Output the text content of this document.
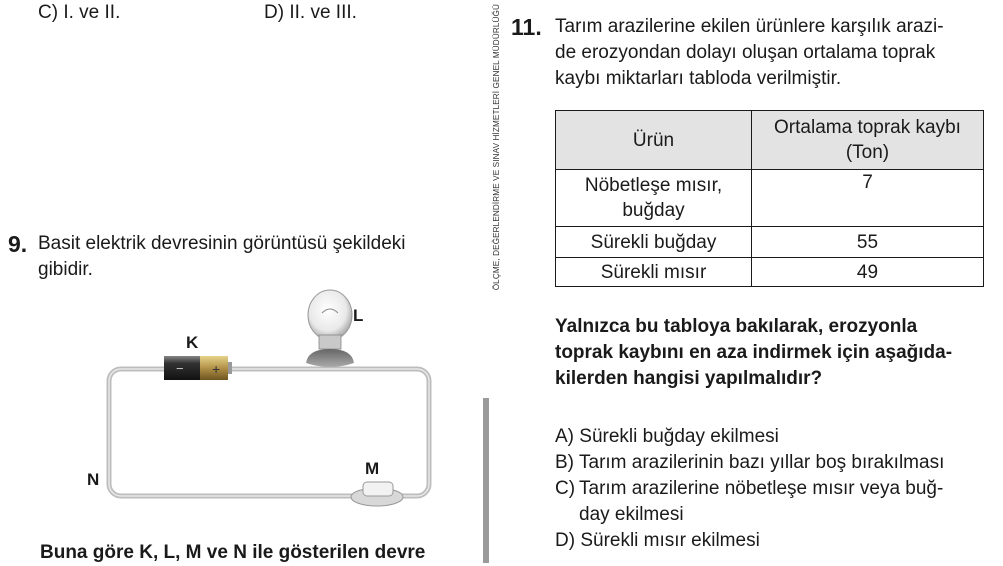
C) I. ve II.	D) II. ve III.	ÖLÇME, DEĞERLENDİRME VE SINAV HİZMETLERİ GENEL MÜDÜRLÜĞÜ
9. Basit elektrik devresinin görüntüsü şekildeki
gibidir.
− +
K
L
M
N
Buna göre K, L, M ve N ile gösterilen devre
11. Tarım arazilerine ekilen ürünlere karşılık arazi-
de erozyondan dolayı oluşan ortalama toprak
kaybı miktarları tabloda verilmiştir.
Ürün	Ortalama toprak kaybı (Ton)

Nöbetleşe mısır, buğday	7
Sürekli buğday	55
Sürekli mısır	49
Yalnızca bu tabloya bakılarak, erozyonla
toprak kaybını en aza indirmek için aşağıda-
kilerden hangisi yapılmalıdır?
A) Sürekli buğday ekilmesi
B) Tarım arazilerinin bazı yıllar boş bırakılması
C) Tarım arazilerine nöbetleşe mısır veya buğ-
day ekilmesi
D) Sürekli mısır ekilmesi
